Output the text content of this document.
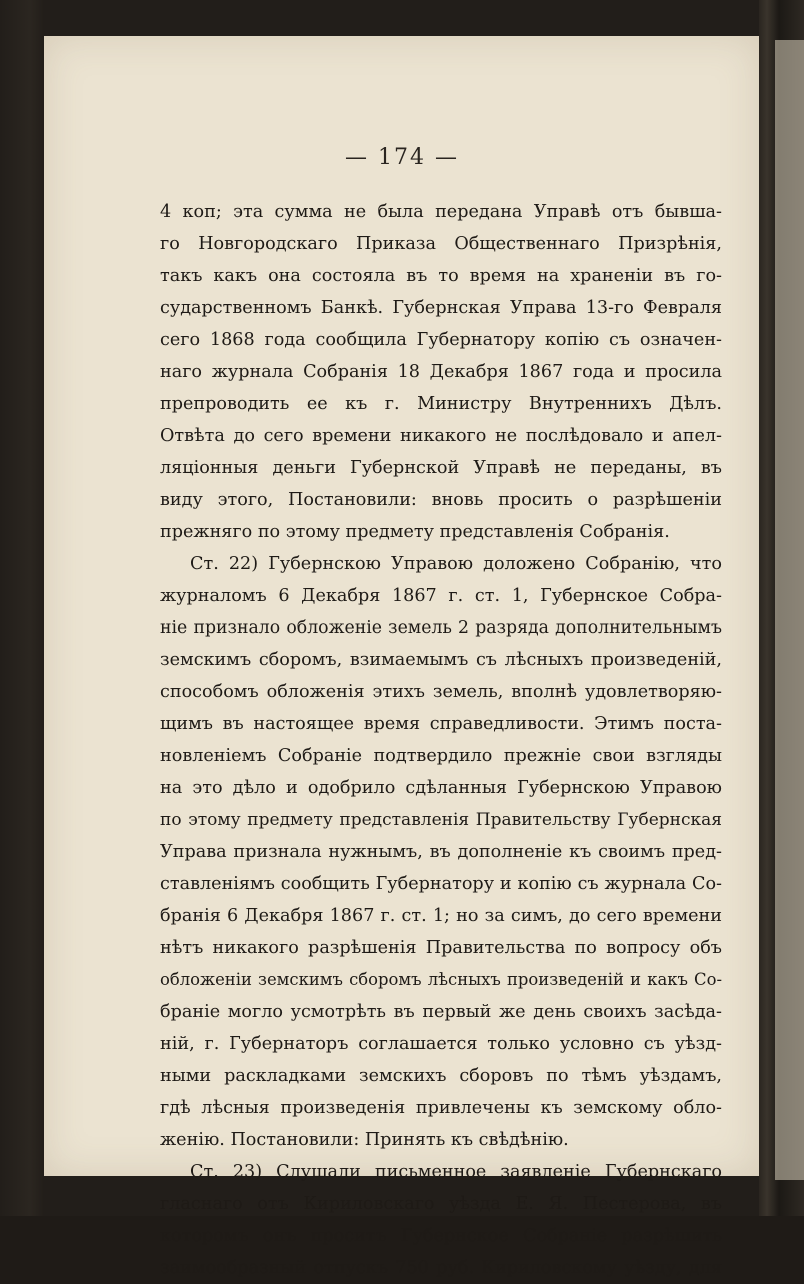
— 174 —
4 коп; эта сумма не была передана Управѣ отъ бывша-
го Новгородскаго Приказа Общественнаго Призрѣнія,
такъ какъ она состояла въ то время на храненіи въ го-
сударственномъ Банкѣ. Губернская Управа 13-го Февраля
сего 1868 года сообщила Губернатору копію съ означен-
наго журнала Собранія 18 Декабря 1867 года и просила
препроводить ее къ г. Министру Внутреннихъ Дѣлъ.
Отвѣта до сего времени никакого не послѣдовало и апел-
ляціонныя деньги Губернской Управѣ не переданы, въ
виду этого, Постановили: вновь просить о разрѣшеніи
прежняго по этому предмету представленія Собранія.
Ст. 22) Губернскою Управою доложено Собранію, что
журналомъ 6 Декабря 1867 г. ст. 1, Губернское Собра-
ніе признало обложеніе земель 2 разряда дополнительнымъ
земскимъ сборомъ, взимаемымъ съ лѣсныхъ произведеній,
способомъ обложенія этихъ земель, вполнѣ удовлетворяю-
щимъ въ настоящее время справедливости. Этимъ поста-
новленіемъ Собраніе подтвердило прежніе свои взгляды
на это дѣло и одобрило сдѣланныя Губернскою Управою
по этому предмету представленія Правительству Губернская
Управа признала нужнымъ, въ дополненіе къ своимъ пред-
ставленіямъ сообщить Губернатору и копію съ журнала Со-
бранія 6 Декабря 1867 г. ст. 1; но за симъ, до сего времени
нѣтъ никакого разрѣшенія Правительства по вопросу объ
обложеніи земскимъ сборомъ лѣсныхъ произведеній и какъ Со-
браніе могло усмотрѣть въ первый же день своихъ засѣда-
ній, г. Губернаторъ соглашается только условно съ уѣзд-
ными раскладками земскихъ сборовъ по тѣмъ уѣздамъ,
гдѣ лѣсныя произведенія привлечены къ земскому обло-
женію. Постановили: Принять къ свѣдѣнію.
Ст. 23) Слушали письменное заявленіе Губернскаго
гласнаго отъ Кириловскаго уѣзда Е. Я. Пестерова, въ
которомъ онъ проситъ Губернское Собраніе разрѣшить
заимообразный отпускъ 750 руб. Кириловскому уѣзду, для
